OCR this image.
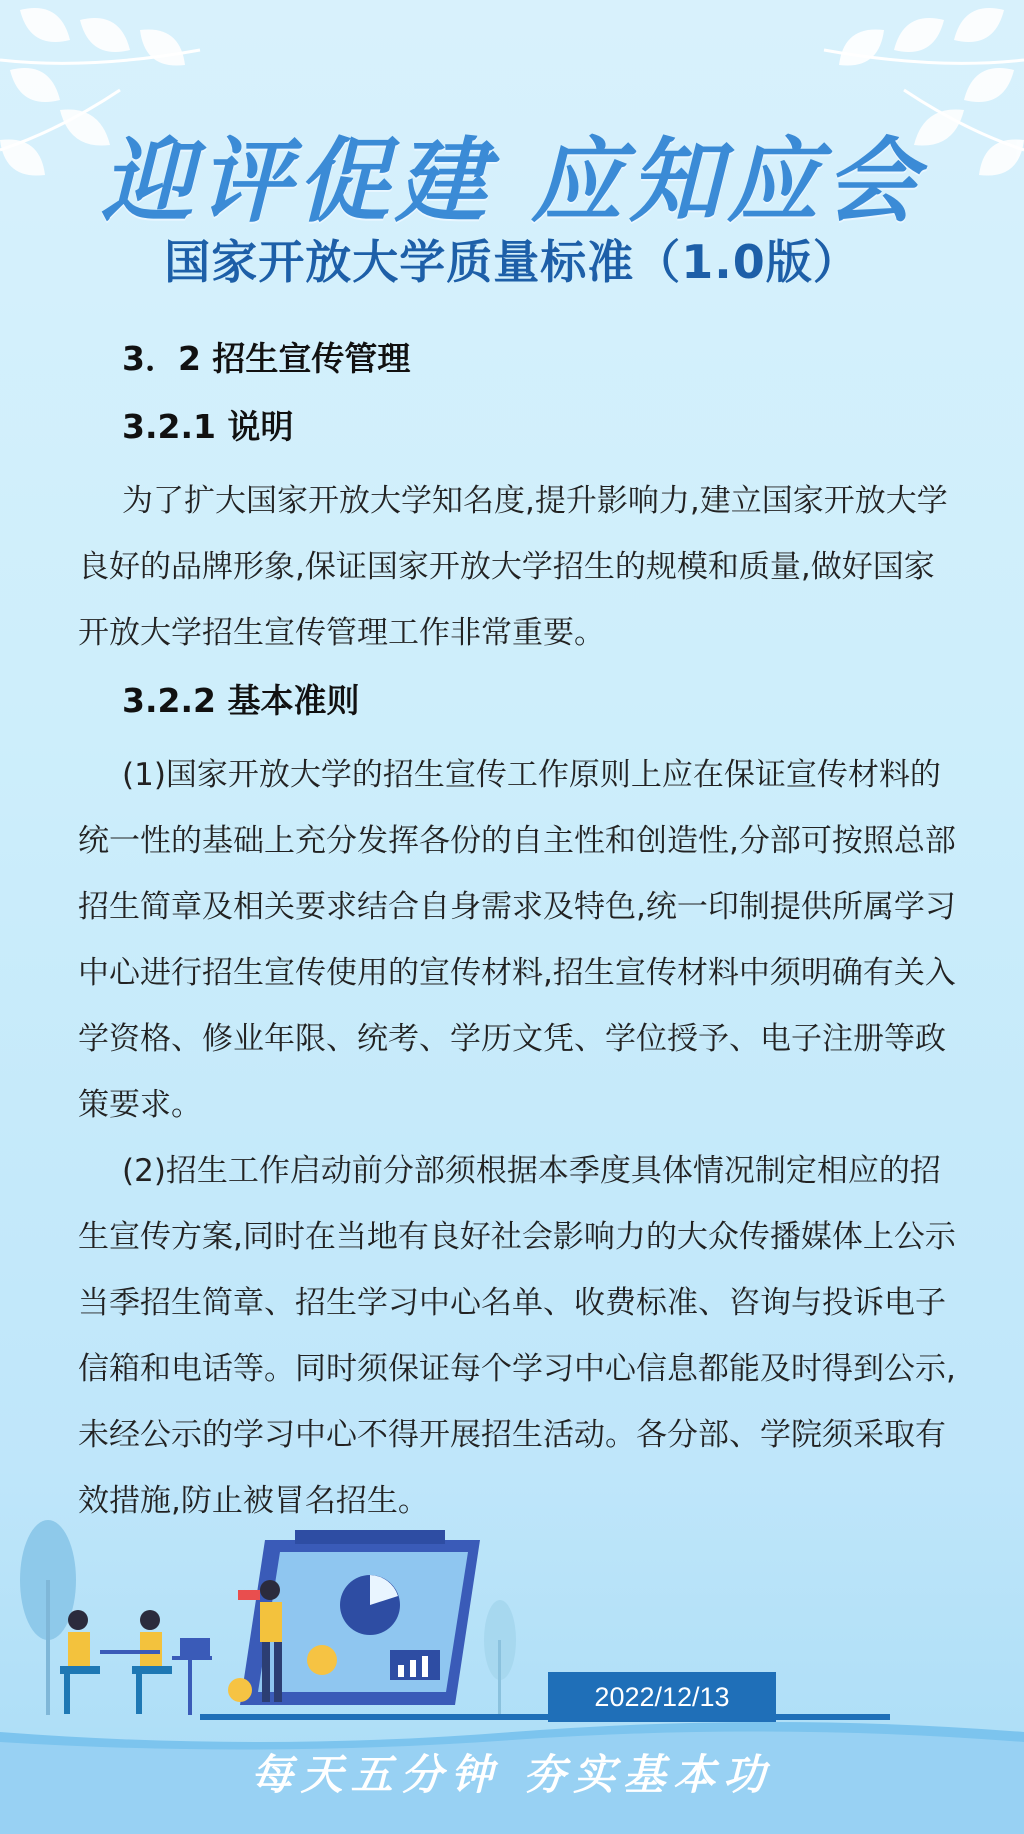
迎评促建 应知应会
国家开放大学质量标准（1.0版）
3．2 招生宣传管理
3.2.1 说明

为了扩大国家开放大学知名度,提升影响力,建立国家开放大学良好的品牌形象,保证国家开放大学招生的规模和质量,做好国家开放大学招生宣传管理工作非常重要。

3.2.2 基本准则

(1)国家开放大学的招生宣传工作原则上应在保证宣传材料的统一性的基础上充分发挥各份的自主性和创造性,分部可按照总部招生简章及相关要求结合自身需求及特色,统一印制提供所属学习中心进行招生宣传使用的宣传材料,招生宣传材料中须明确有关入学资格、修业年限、统考、学历文凭、学位授予、电子注册等政策要求。

(2)招生工作启动前分部须根据本季度具体情况制定相应的招生宣传方案,同时在当地有良好社会影响力的大众传播媒体上公示当季招生简章、招生学习中心名单、收费标准、咨询与投诉电子信箱和电话等。同时须保证每个学习中心信息都能及时得到公示,未经公示的学习中心不得开展招生活动。各分部、学院须采取有效措施,防止被冒名招生。

2022/12/13
每天五分钟 夯实基本功
